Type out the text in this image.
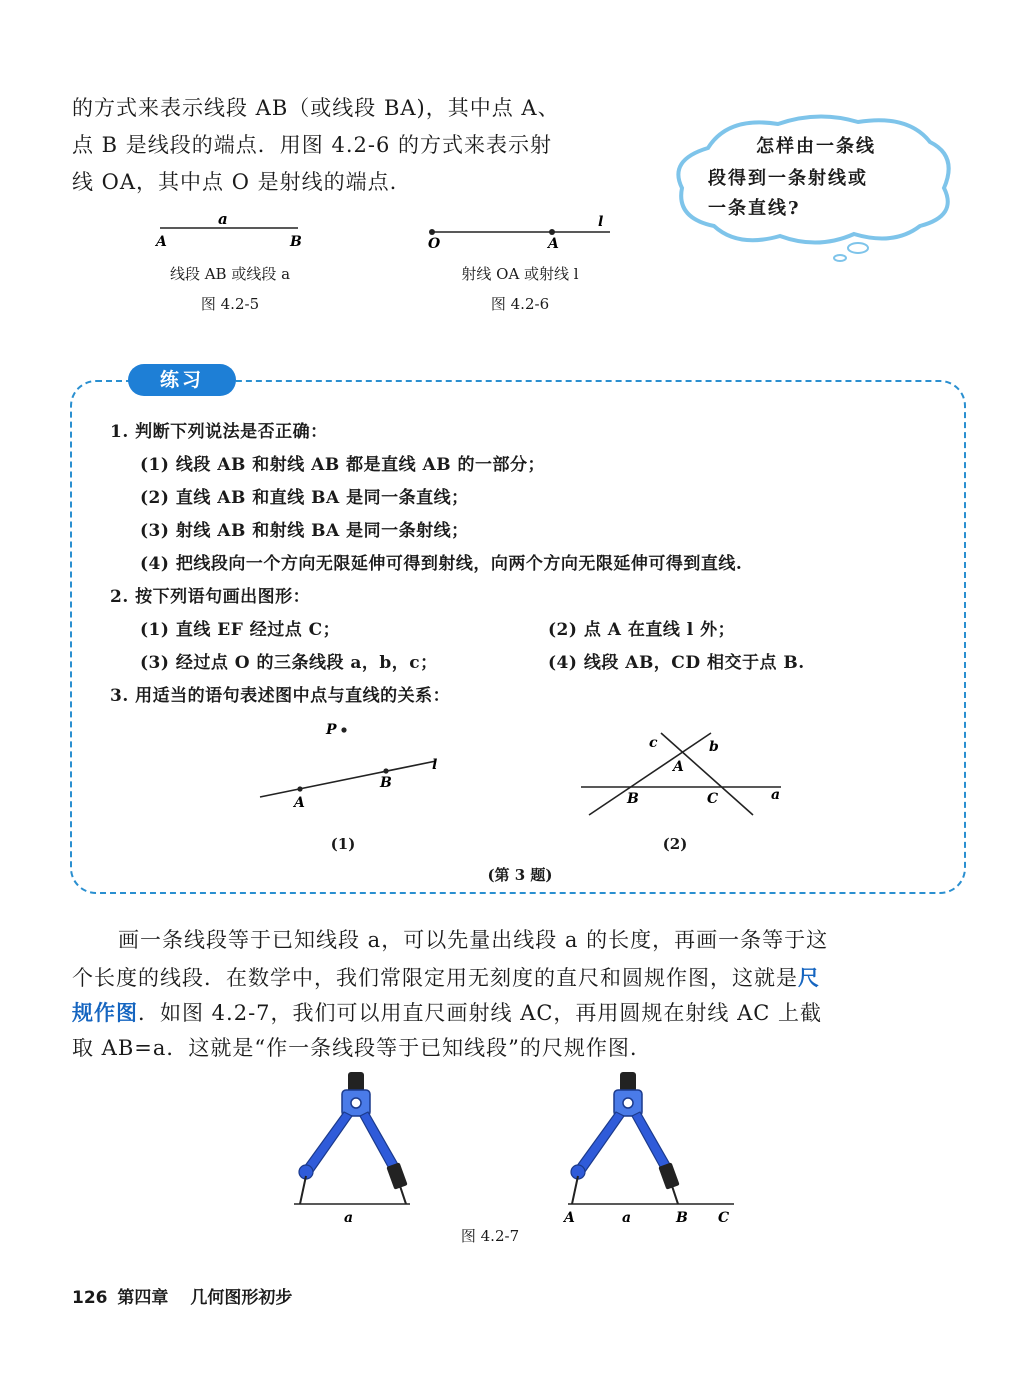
的方式来表示线段 AB（或线段 BA)，其中点 A、
点 B 是线段的端点．用图 4.2-6 的方式来表示射
线 OA，其中点 O 是射线的端点.
怎样由一条线
段得到一条射线或
一条直线?
a
A	B
线段 AB 或线段 a
图 4.2-5
l
O	A
射线 OA 或射线 l
图 4.2-6
练习
1. 判断下列说法是否正确：
(1) 线段 AB 和射线 AB 都是直线 AB 的一部分；
(2) 直线 AB 和直线 BA 是同一条直线；
(3) 射线 AB 和射线 BA 是同一条射线；
(4) 把线段向一个方向无限延伸可得到射线，向两个方向无限延伸可得到直线.
2. 按下列语句画出图形：
(1) 直线 EF 经过点 C；	(2) 点 A 在直线 l 外；
(3) 经过点 O 的三条线段 a，b，c；	(4) 线段 AB，CD 相交于点 B.
3. 用适当的语句表述图中点与直线的关系：
P
A
B
l
(1)
c	b
A
B	C	a
(2)
(第 3 题)
画一条线段等于已知线段 a，可以先量出线段 a 的长度，再画一条等于这
个长度的线段．在数学中，我们常限定用无刻度的直尺和圆规作图，这就是尺
规作图．如图 4.2-7，我们可以用直尺画射线 AC，再用圆规在射线 AC 上截
取 AB=a．这就是“作一条线段等于已知线段”的尺规作图.
a	A	a	B C
图 4.2-7
126 第四章 几何图形初步
